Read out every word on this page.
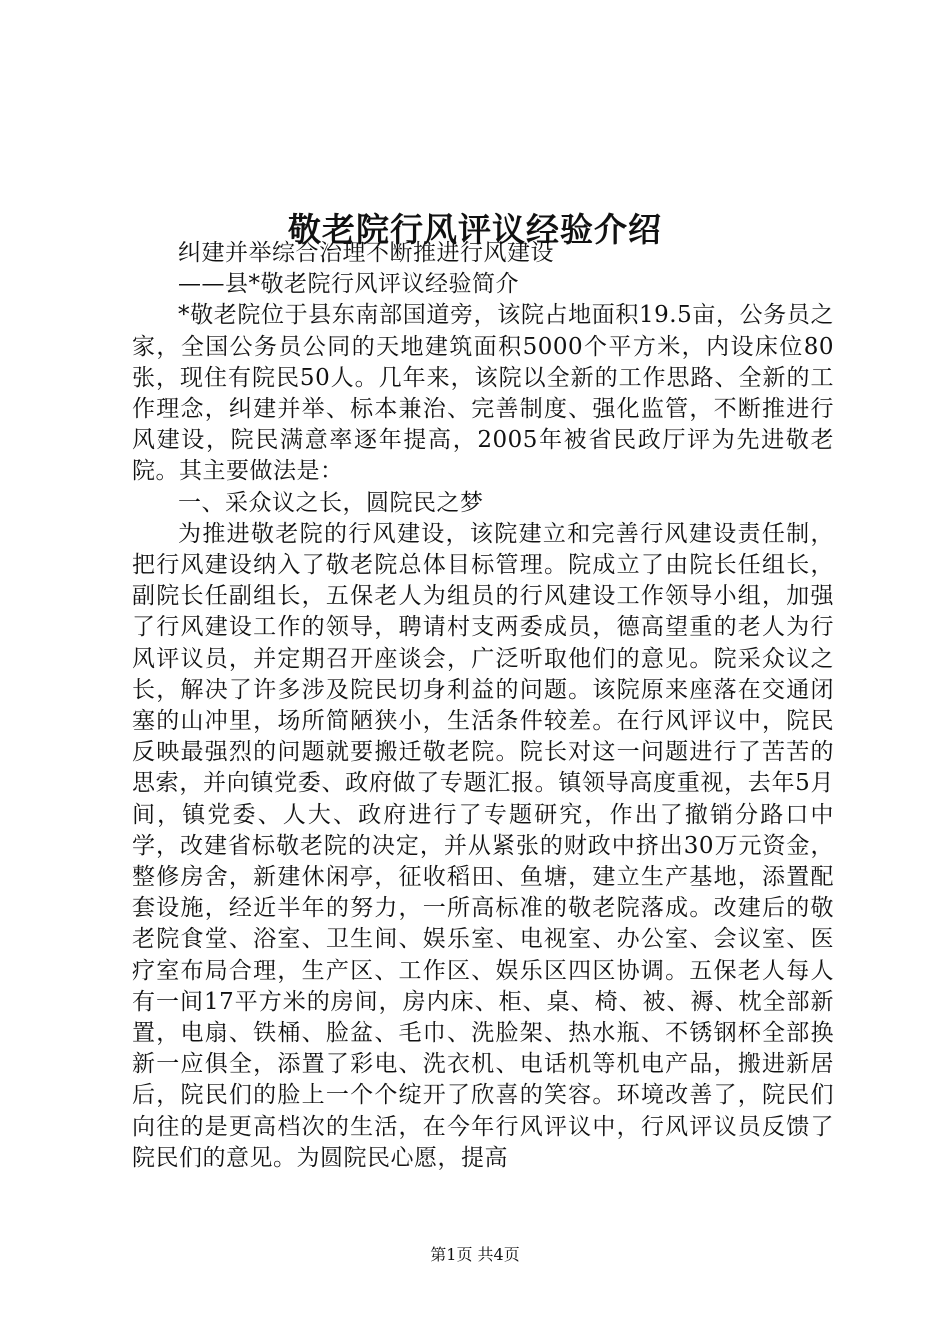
敬老院行风评议经验介绍

纠建并举综合治理不断推进行风建设

——县*敬老院行风评议经验简介

*敬老院位于县东南部国道旁，该院占地面积19.5亩，公务员之家，全国公务员公同的天地建筑面积5000个平方米，内设床位80张，现住有院民50人。几年来，该院以全新的工作思路、全新的工作理念，纠建并举、标本兼治、完善制度、强化监管，不断推进行风建设，院民满意率逐年提高，2005年被省民政厅评为先进敬老院。其主要做法是：

一、采众议之长，圆院民之梦

为推进敬老院的行风建设，该院建立和完善行风建设责任制，把行风建设纳入了敬老院总体目标管理。院成立了由院长任组长，副院长任副组长，五保老人为组员的行风建设工作领导小组，加强了行风建设工作的领导，聘请村支两委成员，德高望重的老人为行风评议员，并定期召开座谈会，广泛听取他们的意见。院采众议之长，解决了许多涉及院民切身利益的问题。该院原来座落在交通闭塞的山冲里，场所简陋狭小，生活条件较差。在行风评议中，院民反映最强烈的问题就要搬迁敬老院。院长对这一问题进行了苦苦的思索，并向镇党委、政府做了专题汇报。镇领导高度重视，去年5月间，镇党委、人大、政府进行了专题研究，作出了撤销分路口中学，改建省标敬老院的决定，并从紧张的财政中挤出30万元资金，整修房舍，新建休闲亭，征收稻田、鱼塘，建立生产基地，添置配套设施，经近半年的努力，一所高标准的敬老院落成。改建后的敬老院食堂、浴室、卫生间、娱乐室、电视室、办公室、会议室、医疗室布局合理，生产区、工作区、娱乐区四区协调。五保老人每人有一间17平方米的房间，房内床、柜、桌、椅、被、褥、枕全部新置，电扇、铁桶、脸盆、毛巾、洗脸架、热水瓶、不锈钢杯全部换新一应俱全，添置了彩电、洗衣机、电话机等机电产品，搬进新居后，院民们的脸上一个个绽开了欣喜的笑容。环境改善了，院民们向往的是更高档次的生活，在今年行风评议中，行风评议员反馈了院民们的意见。为圆院民心愿，提高

第1页 共4页
